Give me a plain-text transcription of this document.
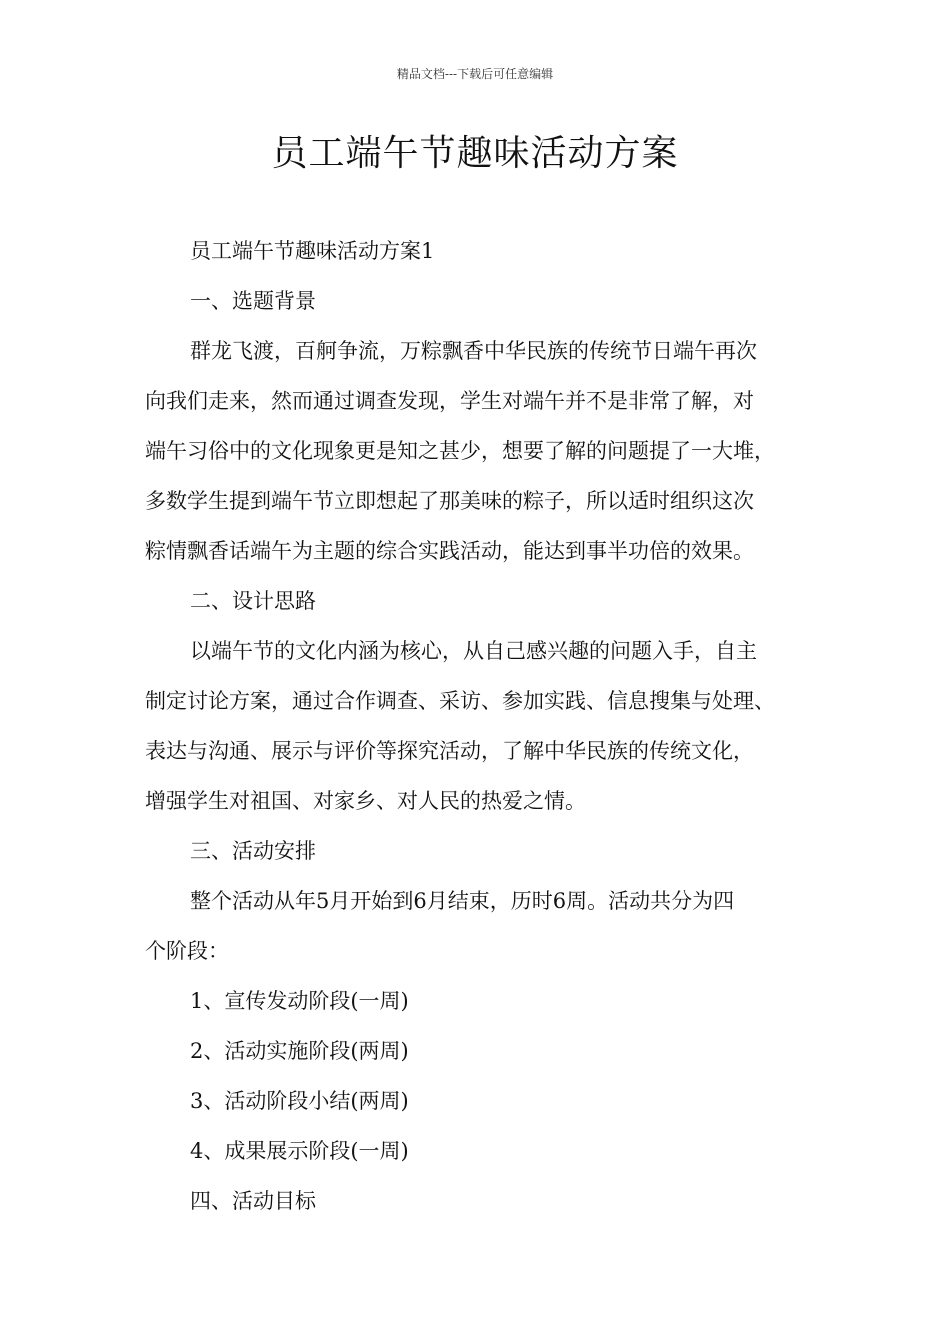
精品文档---下载后可任意编辑
员工端午节趣味活动方案

员工端午节趣味活动方案1

一、选题背景

群龙飞渡，百舸争流，万粽飘香中华民族的传统节日端午再次

向我们走来，然而通过调查发现，学生对端午并不是非常了解，对

端午习俗中的文化现象更是知之甚少，想要了解的问题提了一大堆，

多数学生提到端午节立即想起了那美味的粽子，所以适时组织这次

粽情飘香话端午为主题的综合实践活动，能达到事半功倍的效果。

二、设计思路

以端午节的文化内涵为核心，从自己感兴趣的问题入手，自主

制定讨论方案，通过合作调查、采访、参加实践、信息搜集与处理、

表达与沟通、展示与评价等探究活动，了解中华民族的传统文化，

增强学生对祖国、对家乡、对人民的热爱之情。

三、活动安排

整个活动从年5月开始到6月结束，历时6周。活动共分为四

个阶段：

1、宣传发动阶段(一周)

2、活动实施阶段(两周)

3、活动阶段小结(两周)

4、成果展示阶段(一周)

四、活动目标
